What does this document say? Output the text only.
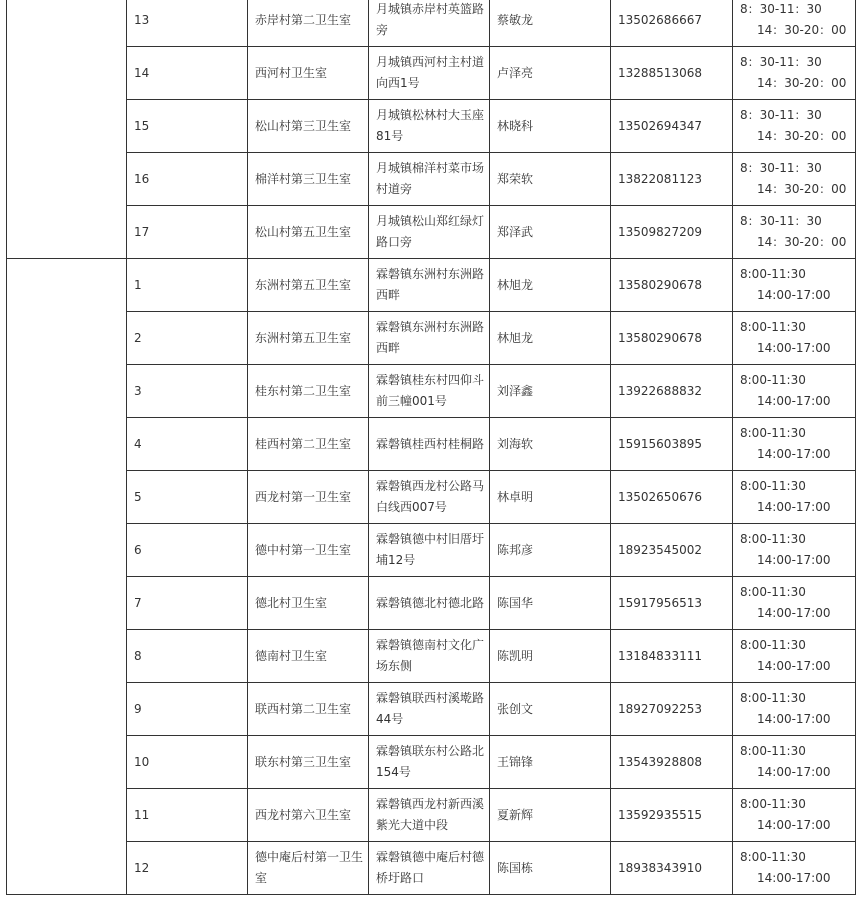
	13	赤岸村第二卫生室	月城镇赤岸村英篮路旁	蔡敏龙	13502686667	8：30-11：30
14：30-20：00

	14	西河村卫生室	月城镇西河村主村道向西1号	卢泽亮	13288513068	8：30-11：30
14：30-20：00

	15	松山村第三卫生室	月城镇松林村大玉座81号	林晓科	13502694347	8：30-11：30
14：30-20：00

	16	棉洋村第三卫生室	月城镇棉洋村菜市场村道旁	郑荣软	13822081123	8：30-11：30
14：30-20：00

	17	松山村第五卫生室	月城镇松山郑红绿灯路口旁	郑泽武	13509827209	8：30-11：30
14：30-20：00

	1	东洲村第五卫生室	霖磐镇东洲村东洲路西畔	林旭龙	13580290678	8:00-11:30
14:00-17:00

	2	东洲村第五卫生室	霖磐镇东洲村东洲路西畔	林旭龙	13580290678	8:00-11:30
14:00-17:00

	3	桂东村第二卫生室	霖磐镇桂东村四仰斗前三幢001号	刘泽鑫	13922688832	8:00-11:30
14:00-17:00

	4	桂西村第二卫生室	霖磐镇桂西村桂桐路	刘海软	15915603895	8:00-11:30
14:00-17:00

	5	西龙村第一卫生室	霖磐镇西龙村公路马白线西007号	林卓明	13502650676	8:00-11:30
14:00-17:00

	6	德中村第一卫生室	霖磐镇德中村旧厝圩埔12号	陈邦彦	18923545002	8:00-11:30
14:00-17:00

	7	德北村卫生室	霖磐镇德北村德北路	陈国华	15917956513	8:00-11:30
14:00-17:00

	8	德南村卫生室	霖磐镇德南村文化广场东侧	陈凯明	13184833111	8:00-11:30
14:00-17:00

	9	联西村第二卫生室	霖磐镇联西村溪墘路44号	张创文	18927092253	8:00-11:30
14:00-17:00

	10	联东村第三卫生室	霖磐镇联东村公路北154号	王锦锋	13543928808	8:00-11:30
14:00-17:00

	11	西龙村第六卫生室	霖磐镇西龙村新西溪紫光大道中段	夏新辉	13592935515	8:00-11:30
14:00-17:00

	12	德中庵后村第一卫生室	霖磐镇德中庵后村德桥圩路口	陈国栋	18938343910	8:00-11:30
14:00-17:00
